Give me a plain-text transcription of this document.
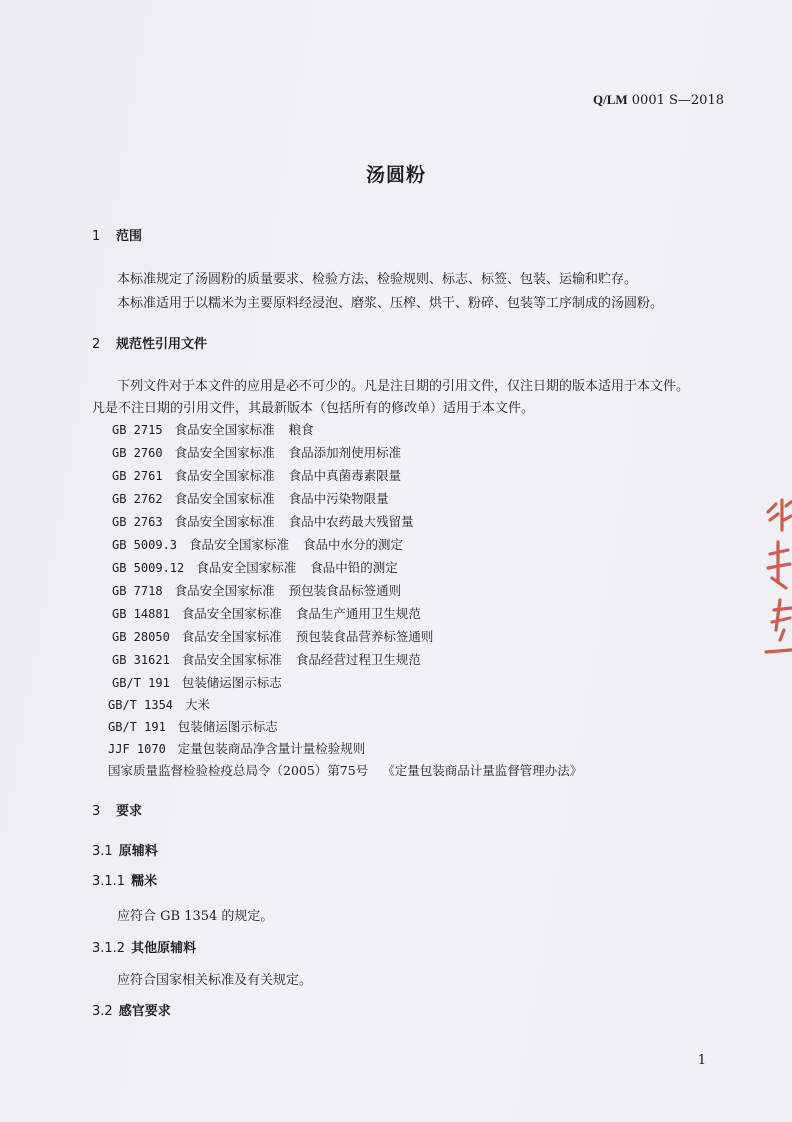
Q/LM 0001 S—2018
汤圆粉
1 范围
本标准规定了汤圆粉的质量要求、检验方法、检验规则、标志、标签、包装、运输和贮存。
本标准适用于以糯米为主要原料经浸泡、磨浆、压榨、烘干、粉碎、包装等工序制成的汤圆粉。
2 规范性引用文件
下列文件对于本文件的应用是必不可少的。凡是注日期的引用文件，仅注日期的版本适用于本文件。
凡是不注日期的引用文件，其最新版本（包括所有的修改单）适用于本文件。
GB 2715 食品安全国家标准 粮食
GB 2760 食品安全国家标准 食品添加剂使用标准
GB 2761 食品安全国家标准 食品中真菌毒素限量
GB 2762 食品安全国家标准 食品中污染物限量
GB 2763 食品安全国家标准 食品中农药最大残留量
GB 5009.3 食品安全国家标准 食品中水分的测定
GB 5009.12 食品安全国家标准 食品中铅的测定
GB 7718 食品安全国家标准 预包装食品标签通则
GB 14881 食品安全国家标准 食品生产通用卫生规范
GB 28050 食品安全国家标准 预包装食品营养标签通则
GB 31621 食品安全国家标准 食品经营过程卫生规范
GB/T 191 包装储运图示标志
GB/T 1354 大米
GB/T 191 包装储运图示标志
JJF 1070 定量包装商品净含量计量检验规则
国家质量监督检验检疫总局令（2005）第75号 《定量包装商品计量监督管理办法》
3 要求
3.1 原辅料
3.1.1 糯米
应符合 GB 1354 的规定。
3.1.2 其他原辅料
应符合国家相关标准及有关规定。
3.2 感官要求
1
